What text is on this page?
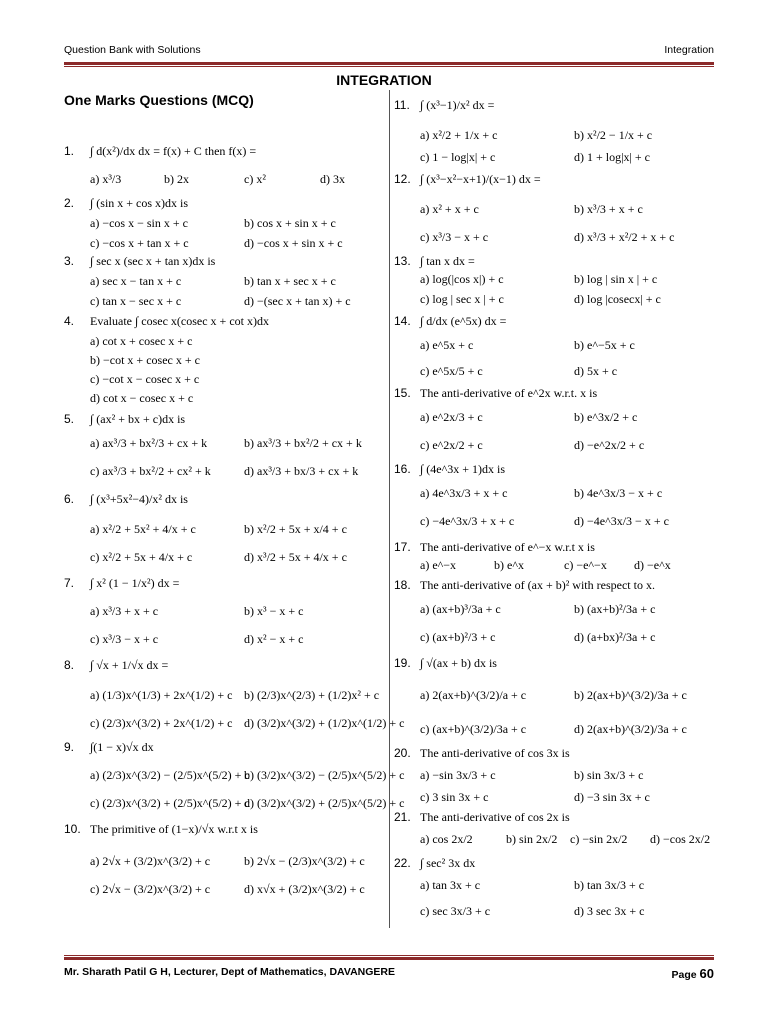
Question Bank with Solutions	Integration
INTEGRATION
One Marks Questions (MCQ)
1. ∫ d(x²)/dx dx = f(x) + C then f(x) =
a) x³/3	b) 2x	c) x²	d) 3x
2. ∫ (sin x + cos x)dx is
a) −cos x − sin x + c	b) cos x + sin x + c
c) −cos x + tan x + c	d) −cos x + sin x + c
3. ∫ sec x (sec x + tan x)dx is
a) sec x − tan x + c	b) tan x + sec x + c
c) tan x − sec x + c	d) −(sec x + tan x) + c
4. Evaluate ∫ cosec x(cosec x + cot x)dx
a) cot x + cosec x + c
b) −cot x + cosec x + c
c) −cot x − cosec x + c
d) cot x − cosec x + c
5. ∫ (ax² + bx + c)dx is
a) ax³/3 + bx²/3 + cx + k	b) ax³/3 + bx²/2 + cx + k
c) ax³/3 + bx²/2 + cx² + k	d) ax³/3 + bx/3 + cx + k
6. ∫ (x³+5x²−4)/x² dx is
a) x²/2 + 5x² + 4/x + c	b) x²/2 + 5x + x/4 + c
c) x²/2 + 5x + 4/x + c	d) x³/2 + 5x + 4/x + c
7. ∫ x² (1 − 1/x²) dx =
a) x³/3 + x + c	b) x³ − x + c
c) x³/3 − x + c	d) x² − x + c
8. ∫ √x + 1/√x dx =
a) (1/3)x^(1/3) + 2x^(1/2) + c b) (2/3)x^(2/3) + (1/2)x² + c
c) (2/3)x^(3/2) + 2x^(1/2) + c d) (3/2)x^(3/2) + (1/2)x^(1/2) + c
9. ∫(1 − x)√x dx
a) (2/3)x^(3/2) − (2/5)x^(5/2) + c
b) (3/2)x^(3/2) − (2/5)x^(5/2) + c
c) (2/3)x^(3/2) + (2/5)x^(5/2) + c
d) (3/2)x^(3/2) + (2/5)x^(5/2) + c
10. The primitive of (1−x)/√x w.r.t x is
a) 2√x + (3/2)x^(3/2) + c	b) 2√x − (2/3)x^(3/2) + c
c) 2√x − (3/2)x^(3/2) + c	d) x√x + (3/2)x^(3/2) + c
11. ∫ (x³−1)/x² dx =
a) x²/2 + 1/x + c	b) x²/2 − 1/x + c
c) 1 − log|x| + c	d) 1 + log|x| + c
12. ∫ (x³−x²−x+1)/(x−1) dx =
a) x² + x + c	b) x³/3 + x + c
c) x³/3 − x + c	d) x³/3 + x²/2 + x + c
13. ∫ tan x dx =
a) log(|cos x|) + c	b) log | sin x | + c
c) log | sec x | + c	d) log |cosecx| + c
14. ∫ d/dx (e^5x) dx =
a) e^5x + c	b) e^−5x + c
c) e^5x/5 + c	d) 5x + c
15. The anti-derivative of e^2x w.r.t. x is
a) e^2x/3 + c	b) e^3x/2 + c
c) e^2x/2 + c	d) −e^2x/2 + c
16. ∫ (4e^3x + 1)dx is
a) 4e^3x/3 + x + c	b) 4e^3x/3 − x + c
c) −4e^3x/3 + x + c	d) −4e^3x/3 − x + c
17. The anti-derivative of e^−x w.r.t x is
a) e^−x	b) e^x	c) −e^−x d) −e^x
18. The anti-derivative of (ax + b)² with respect to x.
a) (ax+b)³/3a + c	b) (ax+b)²/3a + c
c) (ax+b)²/3 + c	d) (a+bx)²/3a + c
19. ∫ √(ax + b) dx is
a) 2(ax+b)^(3/2)/a + c	b) 2(ax+b)^(3/2)/3a + c
c) (ax+b)^(3/2)/3a + c	d) 2(ax+b)^(3/2)/3a + c
20. The anti-derivative of cos 3x is
a) −sin 3x/3 + c	b) sin 3x/3 + c
c) 3 sin 3x + c	d) −3 sin 3x + c
21. The anti-derivative of cos 2x is
a) cos 2x/2	b) sin 2x/2 c) −sin 2x/2 d) −cos 2x/2
22. ∫ sec² 3x dx
a) tan 3x + c	b) tan 3x/3 + c
c) sec 3x/3 + c	d) 3 sec 3x + c
Mr. Sharath Patil G H, Lecturer, Dept of Mathematics, DAVANGERE	Page 60
